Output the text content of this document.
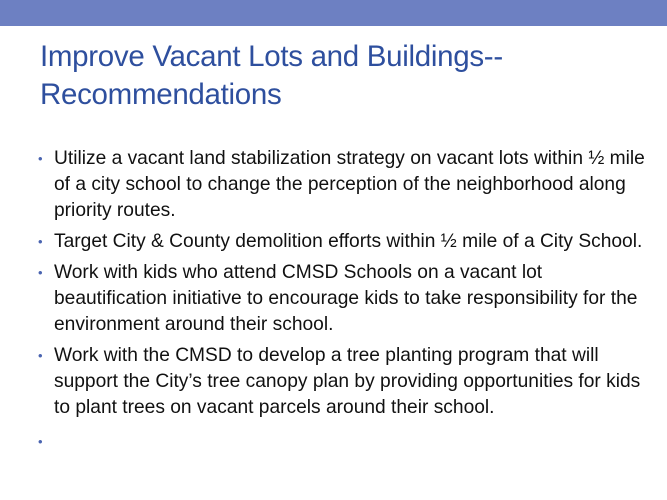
Improve Vacant Lots and Buildings--Recommendations
• Utilize a vacant land stabilization strategy on vacant lots within ½ mile of a city school to change the perception of the neighborhood along priority routes.
• Target City & County demolition efforts within ½ mile of a City School.
• Work with kids who attend CMSD Schools on a vacant lot beautification initiative to encourage kids to take responsibility for the environment around their school.
• Work with the CMSD to develop a tree planting program that will support the City’s tree canopy plan by providing opportunities for kids to plant trees on vacant parcels around their school.
•
